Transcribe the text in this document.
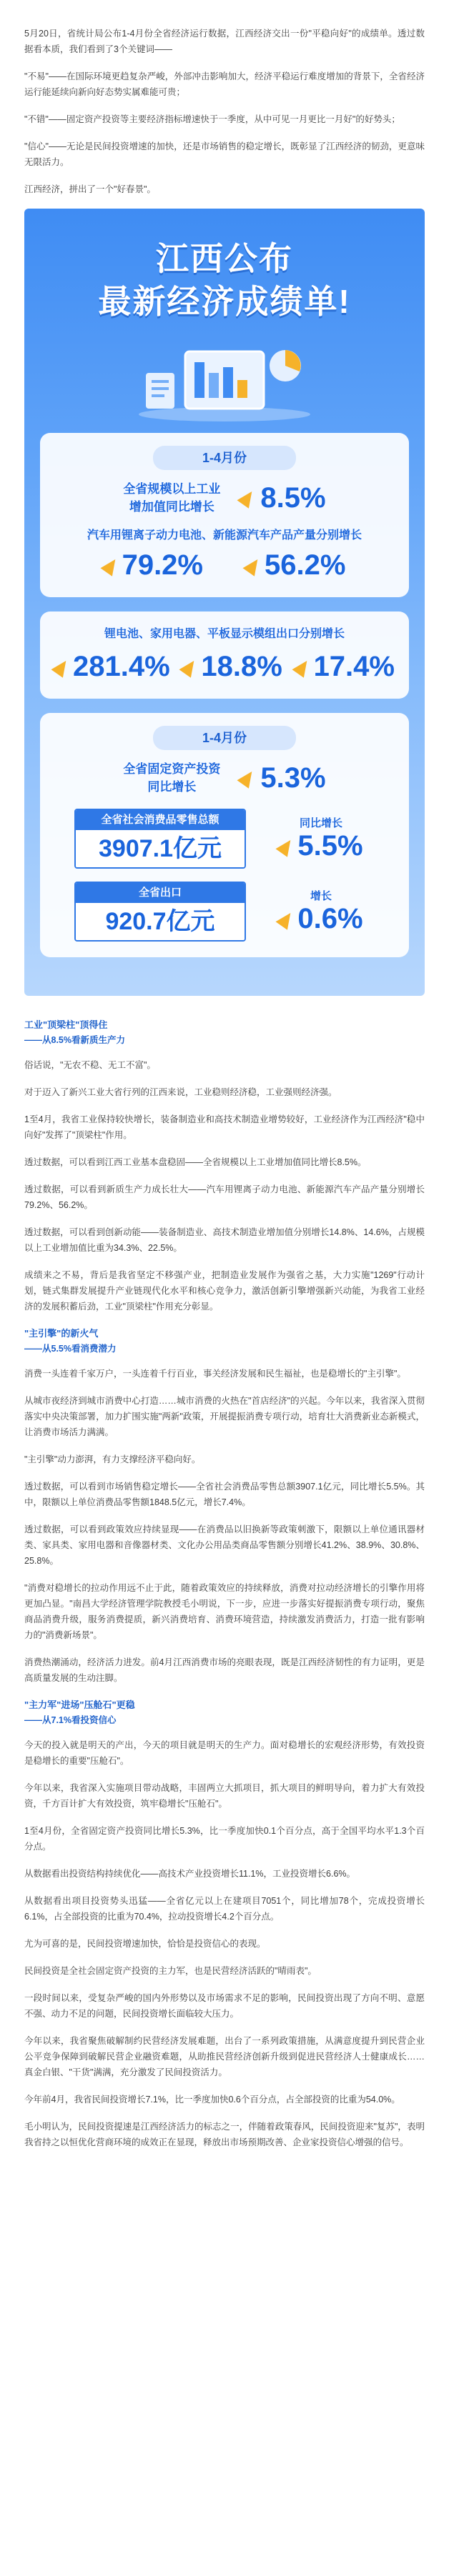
5月20日，省统计局公布1-4月份全省经济运行数据，江西经济交出一份"平稳向好"的成绩单。透过数据看本质，我们看到了3个关键词——

"不易"——在国际环境更趋复杂严峻，外部冲击影响加大，经济平稳运行难度增加的背景下，全省经济运行能延续向新向好态势实属难能可贵；

"不错"——固定资产投资等主要经济指标增速快于一季度，从中可见一月更比一月好"的好势头；

"信心"——无论是民间投资增速的加快，还是市场销售的稳定增长，既彰显了江西经济的韧劲，更意味无限活力。

江西经济，拼出了一个"好春景"。

江西公布
最新经济成绩单!
1-4月份
全省规模以上工业
增加值同比增长 8.5%
汽车用锂离子动力电池、新能源汽车产品产量分别增长
79.2% 56.2%
锂电池、家用电器、平板显示模组出口分别增长
281.4% 18.8% 17.4%
1-4月份
全省固定资产投资
同比增长	5.3%
全省社会消费品零售总额
3907.1亿元
同比增长
5.5%
全省出口
920.7亿元
增长
0.6%
工业"顶梁柱"顶得住
——从8.5%看新质生产力

俗话说，"无农不稳、无工不富"。

对于迈入了新兴工业大省行列的江西来说，工业稳则经济稳，工业强则经济强。

1至4月，我省工业保持较快增长，装备制造业和高技术制造业增势较好，工业经济作为江西经济"稳中向好"发挥了"顶梁柱"作用。

透过数据，可以看到江西工业基本盘稳固——全省规模以上工业增加值同比增长8.5%。

透过数据，可以看到新质生产力成长壮大——汽车用锂离子动力电池、新能源汽车产品产量分别增长79.2%、56.2%。

透过数据，可以看到创新动能——装备制造业、高技术制造业增加值分别增长14.8%、14.6%，占规模以上工业增加值比重为34.3%、22.5%。

成绩来之不易，背后是我省坚定不移强产业，把制造业发展作为强省之基，大力实施"1269"行动计划，链式集群发展提升产业链现代化水平和核心竞争力，激活创新引擎增强新兴动能，为我省工业经济的发展积蓄后劲，工业"顶梁柱"作用充分彰显。

"主引擎"的新火气
——从5.5%看消费潜力

消费一头连着千家万户，一头连着千行百业，事关经济发展和民生福祉，也是稳增长的"主引擎"。

从城市夜经济到城市消费中心打造……城市消费的火热在"首店经济"的兴起。今年以来，我省深入贯彻落实中央决策部署，加力扩围实施"两新"政策，开展提振消费专项行动，培育壮大消费新业态新模式，让消费市场活力满满。

"主引擎"动力澎湃，有力支撑经济平稳向好。

透过数据，可以看到市场销售稳定增长——全省社会消费品零售总额3907.1亿元，同比增长5.5%。其中，限额以上单位消费品零售额1848.5亿元，增长7.4%。

透过数据，可以看到政策效应持续显现——在消费品以旧换新等政策刺激下，限额以上单位通讯器材类、家具类、家用电器和音像器材类、文化办公用品类商品零售额分别增长41.2%、38.9%、30.8%、25.8%。

"消费对稳增长的拉动作用远不止于此，随着政策效应的持续释放，消费对拉动经济增长的引擎作用将更加凸显。"南昌大学经济管理学院教授毛小明说，下一步，应进一步落实好提振消费专项行动，聚焦商品消费升级，服务消费提质，新兴消费培育、消费环境营造，持续激发消费活力，打造一批有影响力的"消费新场景"。

消费热潮涌动，经济活力进发。前4月江西消费市场的亮眼表现，既是江西经济韧性的有力证明，更是高质量发展的生动注脚。

"主力军"进场"压舱石"更稳
——从7.1%看投资信心

今天的投入就是明天的产出，今天的项目就是明天的生产力。面对稳增长的宏观经济形势，有效投资是稳增长的重要"压舱石"。

今年以来，我省深入实施项目带动战略，丰固两立大抓项目，抓大项目的鲜明导向，着力扩大有效投资，千方百计扩大有效投资，筑牢稳增长"压舱石"。

1至4月份，全省固定资产投资同比增长5.3%，比一季度加快0.1个百分点，高于全国平均水平1.3个百分点。

从数据看出投资结构持续优化——高技术产业投资增长11.1%，工业投资增长6.6%。

从数据看出项目投资势头迅猛——全省亿元以上在建项目7051个，同比增加78个，完成投资增长6.1%，占全部投资的比重为70.4%，拉动投资增长4.2个百分点。

尤为可喜的是，民间投资增速加快，恰恰是投资信心的表现。

民间投资是全社会固定资产投资的主力军，也是民营经济活跃的"晴雨表"。

一段时间以来，受复杂严峻的国内外形势以及市场需求不足的影响，民间投资出现了方向不明、意愿不强、动力不足的问题，民间投资增长面临较大压力。

今年以来，我省聚焦破解制约民营经济发展难题，出台了一系列政策措施，从满意度提升到民营企业公平竞争保障到破解民营企业融资难题，从助推民营经济创新升级到促进民营经济人士健康成长……真金白银、"干货"满满，充分激发了民间投资活力。

今年前4月，我省民间投资增长7.1%，比一季度加快0.6个百分点，占全部投资的比重为54.0%。

毛小明认为，民间投资提速是江西经济活力的标志之一，伴随着政策春风，民间投资迎来"复苏"，表明我省持之以恒优化营商环境的成效正在显现，释放出市场预期改善、企业家投资信心增强的信号。
